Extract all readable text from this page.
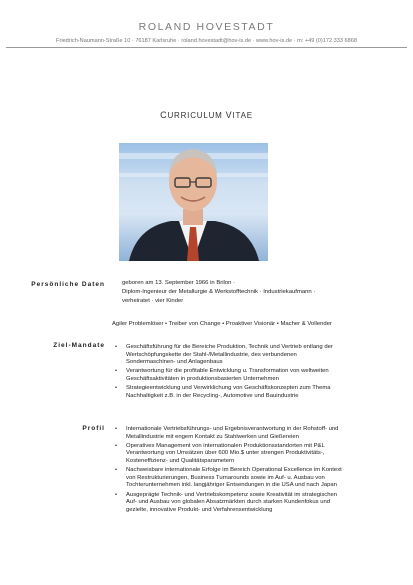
ROLAND HOVESTADT
Friedrich-Naumann-Straße 10 · 76187 Karlsruhe · roland.hovestadt@hov-is.de · www.hov-is.de · m: +49 (0)172 333 6868
CURRICULUM VITAE
Persönliche Daten	geboren am 13. September 1966 in Brilon ·
Diplom-Ingenieur der Metallurgie & Werkstofftechnik · Industriekaufmann ·
verheiratet · vier Kinder
Agiler Problemlöser • Treiber von Change • Proaktiver Visionär • Macher & Vollender
Ziel-Mandate • Geschäftsführung für die Bereiche Produktion, Technik und Vertrieb entlang der
Wertschöpfungskette der Stahl-/Metallindustrie, des verbundenen
Sondermaschinen- und Anlagenbaus
• Verantwortung für die profitable Entwicklung u. Transformation von weltweiten
Geschäftsaktivitäten in produktionsbasierten Unternehmen
• Strategieentwicklung und Verwirklichung von Geschäftskonzepten zum Thema
Nachhaltigkeit z.B. in der Recycling-, Automotive und Bauindustrie
Profil • Internationale Vertriebsführungs- und Ergebnisverantwortung in der Rohstoff- und
Metallindustrie mit engem Kontakt zu Stahlwerken und Gießereien
• Operatives Management von internationalen Produktionsstandorten mit P&L
Verantwortung von Umsätzen über 600 Mio.$ unter strengen Produktivitäts-,
Kosteneffizienz- und Qualitätsparametern
• Nachweisbare internationale Erfolge im Bereich Operational Excellence im Kontext
von Restrukturierungen, Business Turnarounds sowie im Auf- u. Ausbau von
Tochterunternehmen inkl. langjähriger Entsendungen in die USA und nach Japan
• Ausgeprägte Technik- und Vertriebskompetenz sowie Kreativität im strategischen
Auf- und Ausbau von globalen Absatzmärkten durch starken Kundenfokus und
gezielte, innovative Produkt- und Verfahrensentwicklung
